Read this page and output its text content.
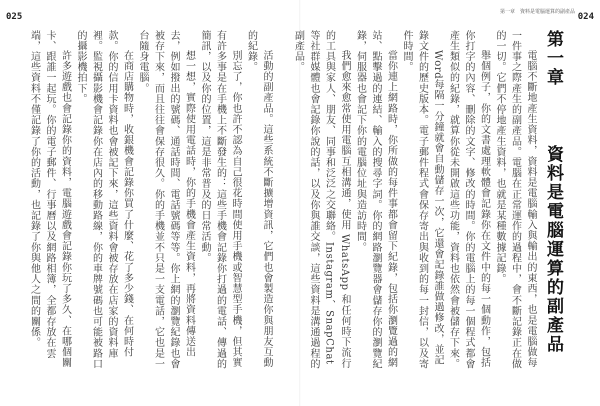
025	024
第一章　資料是電腦運算的副產品
第一章
資料是電腦運算的副產品

電腦不斷地產生資料，資料是電腦輸入與輸出的東西，也是電腦做每一件事之際產生的副產品。電腦在正常運作的過程中，會不斷記錄正在做的一切。它們不停地產生資料，也就是某種數據記錄。

舉個例子，你的文書處理軟體會記錄你在文件中的每一個動作，包括你打字的內容、刪除的文字、修改的時間。你的電腦上的每一個程式都會產生類似的紀錄，就算你從未開啟這些功能，資料也依然會被儲存下來。

Word每隔一分鐘就會自動儲存一次，它還會記錄誰做過修改，並記錄文件的歷史版本。電子郵件程式會保存寄出與收到的每一封信，以及寄件時間。

當你連上網路時，你所做的每件事都會留下紀錄，包括你瀏覽過的網站、點擊過的連結、輸入的搜尋字詞。你的網路瀏覽器會儲存你的瀏覽紀錄，伺服器也會記下你的電腦位址與造訪時間。

我們愈來愈常使用電腦互相溝通，使用 WhatsApp 和任何時下流行的工具與家人、朋友、同事和泛泛之交聯絡。Instagram、SnapChat 等社群媒體也會記錄你說的話，以及你與誰交談，這些資料是溝通過程的副產品。

活動的副產品。這些系統不斷擴增資訊，它們也會製造你與朋友互動的紀錄。

別忘了，你也許不認為自己很花時間使用手機或智慧型手機，但其實有許多事是在手機上不斷發生的：這些手機會記錄你打過的電話、傳過的簡訊，以及你的位置，這是非常普及的日常活動。

想一想，實際使用電話時，你的手機會產生資料，再將資料傳送出去，例如撥出的號碼、通話時間、電話號碼等等。你上網的瀏覽紀錄也會被存下來，而且往往會保存很久。你的手機並不只是一支電話，它也是一台隨身電腦。

在商店購物時，收銀機會記錄你買了什麼、花了多少錢、在何時付款。你的信用卡資料也會被記下來，這些資料會被存放在店家的資料庫裡。監視攝影機會記錄你在店內的移動路線，你的車牌號碼也可能被路口的攝影機拍下。

許多遊戲也會記錄你的資料，電腦遊戲會記錄你玩了多久、在哪個關卡、跟誰一起玩。你的電子郵件、行事曆以及網路相簿，全都存放在雲端，這些資料不僅記錄了你的活動，也記錄了你與他人之間的關係。
